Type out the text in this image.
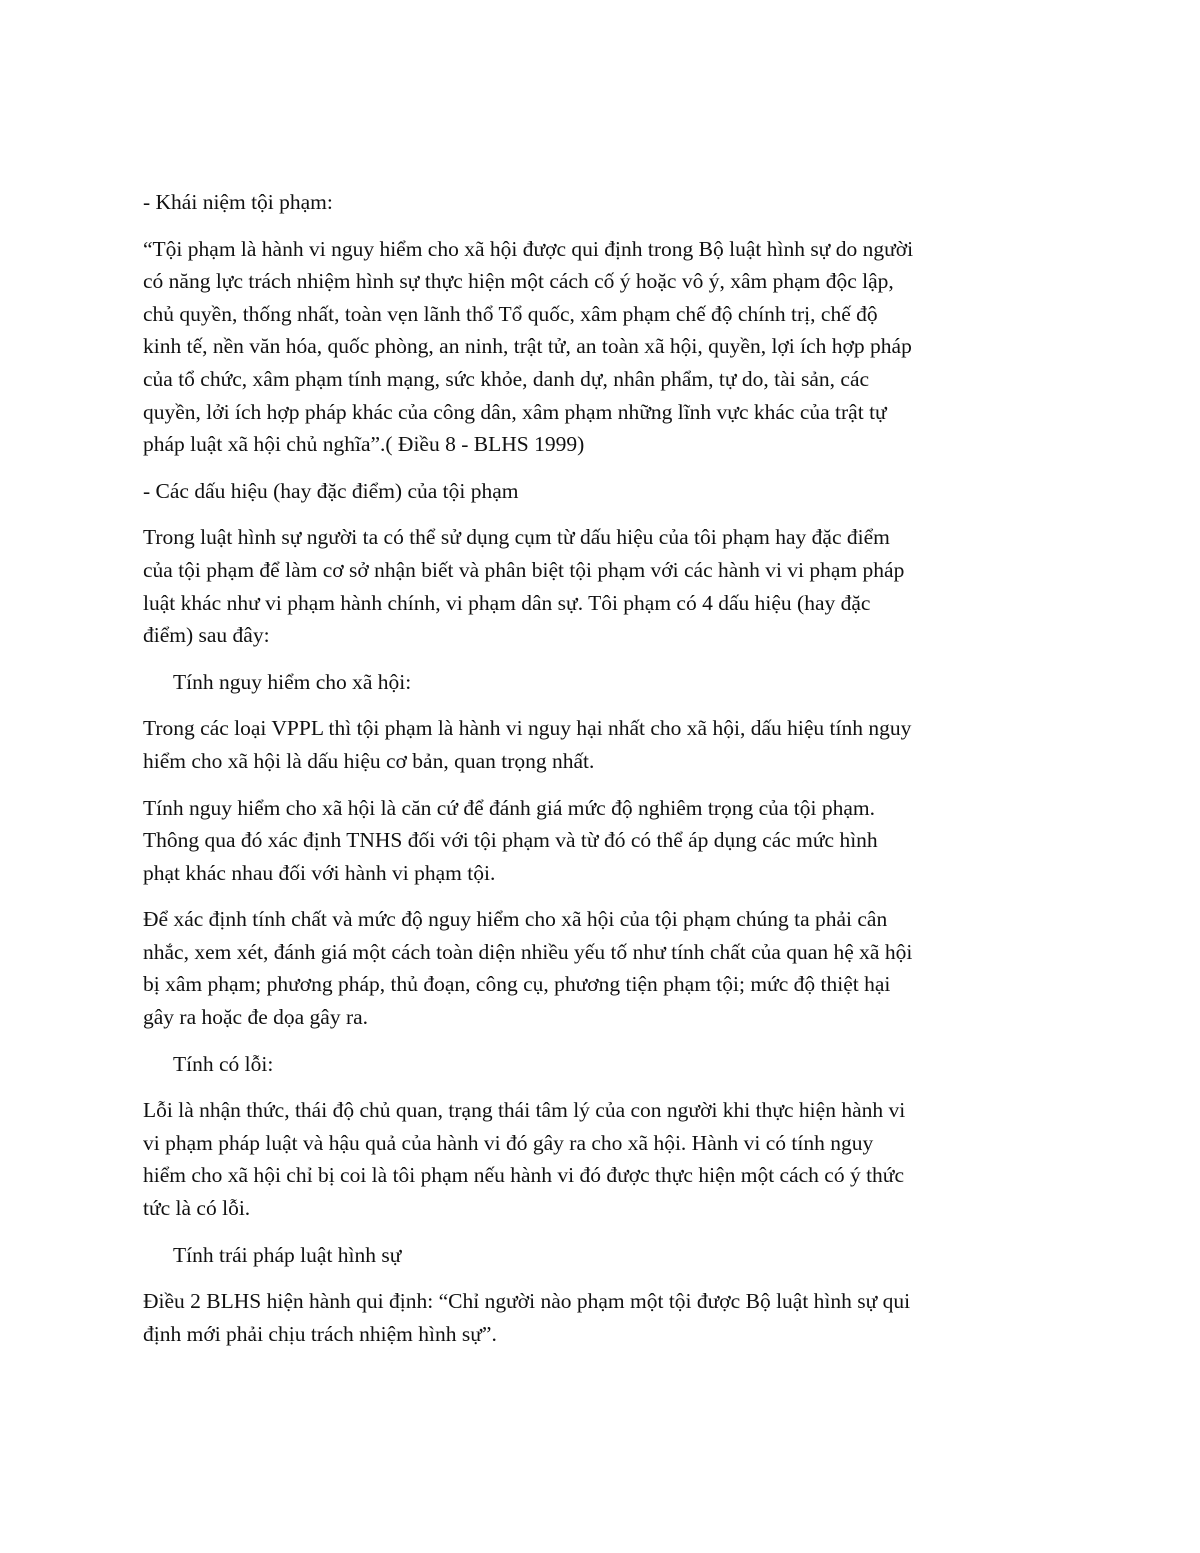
- Khái niệm tội phạm:

“Tội phạm là hành vi nguy hiểm cho xã hội được qui định trong Bộ luật hình sự do người
có năng lực trách nhiệm hình sự thực hiện một cách cố ý hoặc vô ý, xâm phạm độc lập,
chủ quyền, thống nhất, toàn vẹn lãnh thổ Tổ quốc, xâm phạm chế độ chính trị, chế độ
kinh tế, nền văn hóa, quốc phòng, an ninh, trật tử, an toàn xã hội, quyền, lợi ích hợp pháp
của tổ chức, xâm phạm tính mạng, sức khỏe, danh dự, nhân phẩm, tự do, tài sản, các
quyền, lởi ích hợp pháp khác của công dân, xâm phạm những lĩnh vực khác của trật tự
pháp luật xã hội chủ nghĩa”.( Điều 8 - BLHS 1999)

- Các dấu hiệu (hay đặc điểm) của tội phạm

Trong luật hình sự người ta có thể sử dụng cụm từ dấu hiệu của tôi phạm hay đặc điểm
của tội phạm để làm cơ sở nhận biết và phân biệt tội phạm với các hành vi vi phạm pháp
luật khác như vi phạm hành chính, vi phạm dân sự. Tôi phạm có 4 dấu hiệu (hay đặc
điểm) sau đây:

Tính nguy hiểm cho xã hội:

Trong các loại VPPL thì tội phạm là hành vi nguy hại nhất cho xã hội, dấu hiệu tính nguy
hiểm cho xã hội là dấu hiệu cơ bản, quan trọng nhất.

Tính nguy hiểm cho xã hội là căn cứ để đánh giá mức độ nghiêm trọng của tội phạm.
Thông qua đó xác định TNHS đối với tội phạm và từ đó có thể áp dụng các mức hình
phạt khác nhau đối với hành vi phạm tội.

Để xác định tính chất và mức độ nguy hiểm cho xã hội của tội phạm chúng ta phải cân
nhắc, xem xét, đánh giá một cách toàn diện nhiều yếu tố như tính chất của quan hệ xã hội
bị xâm phạm; phương pháp, thủ đoạn, công cụ, phương tiện phạm tội; mức độ thiệt hại
gây ra hoặc đe dọa gây ra.

Tính có lỗi:

Lỗi là nhận thức, thái độ chủ quan, trạng thái tâm lý của con người khi thực hiện hành vi
vi phạm pháp luật và hậu quả của hành vi đó gây ra cho xã hội. Hành vi có tính nguy
hiểm cho xã hội chỉ bị coi là tôi phạm nếu hành vi đó được thực hiện một cách có ý thức
tức là có lỗi.

Tính trái pháp luật hình sự

Điều 2 BLHS hiện hành qui định: “Chỉ người nào phạm một tội được Bộ luật hình sự qui
định mới phải chịu trách nhiệm hình sự”.
